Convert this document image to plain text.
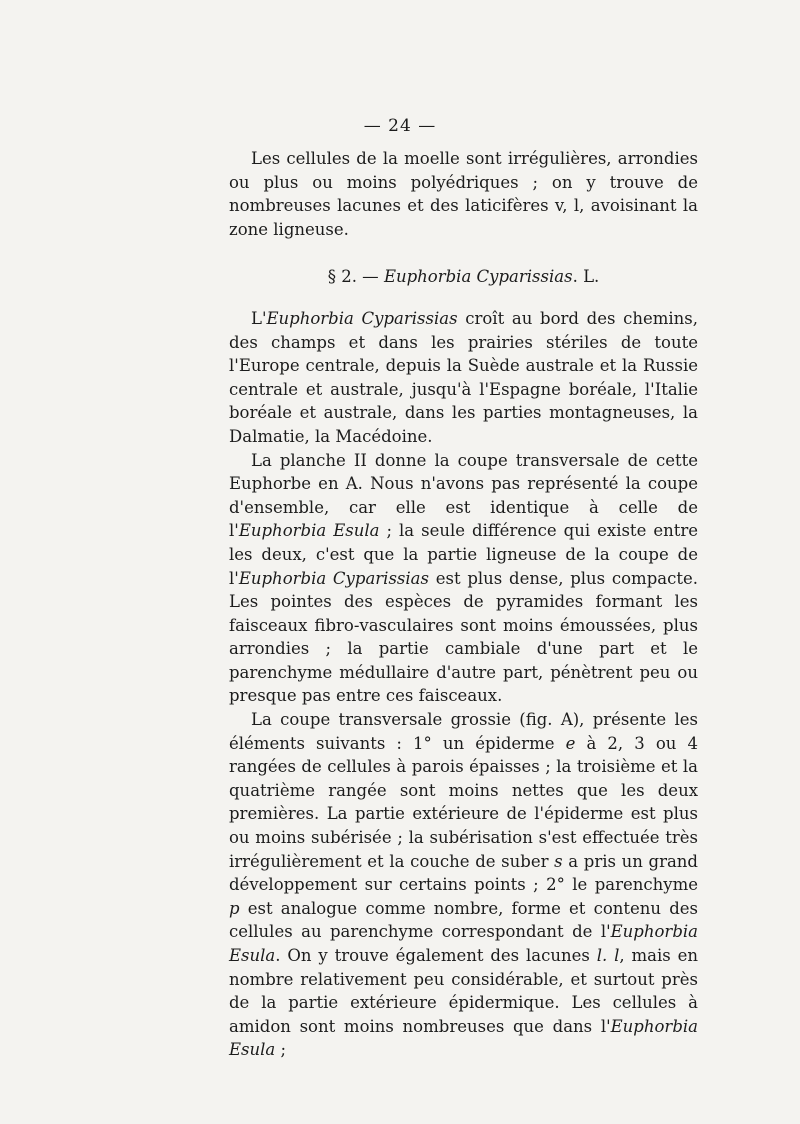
— 24 —

Les cellules de la moelle sont irrégulières, arrondies ou plus ou moins polyédriques ; on y trouve de nombreuses lacunes et des laticifères v, l, avoisinant la zone ligneuse.

§ 2. — Euphorbia Cyparissias. L.

L'Euphorbia Cyparissias croît au bord des chemins, des champs et dans les prairies stériles de toute l'Europe centrale, depuis la Suède australe et la Russie centrale et australe, jusqu'à l'Espagne boréale, l'Italie boréale et australe, dans les parties montagneuses, la Dalmatie, la Macédoine.

La planche II donne la coupe transversale de cette Euphorbe en A. Nous n'avons pas représenté la coupe d'ensemble, car elle est identique à celle de l'Euphorbia Esula ; la seule différence qui existe entre les deux, c'est que la partie ligneuse de la coupe de l'Euphorbia Cyparissias est plus dense, plus compacte. Les pointes des espèces de pyramides formant les faisceaux fibro-vasculaires sont moins émoussées, plus arrondies ; la partie cambiale d'une part et le parenchyme médullaire d'autre part, pénètrent peu ou presque pas entre ces faisceaux.

La coupe transversale grossie (fig. A), présente les éléments suivants : 1° un épiderme e à 2, 3 ou 4 rangées de cellules à parois épaisses ; la troisième et la quatrième rangée sont moins nettes que les deux premières. La partie extérieure de l'épiderme est plus ou moins subérisée ; la subérisation s'est effectuée très irrégulièrement et la couche de suber s a pris un grand développement sur certains points ; 2° le parenchyme p est analogue comme nombre, forme et contenu des cellules au parenchyme correspondant de l'Euphorbia Esula. On y trouve également des lacunes l. l, mais en nombre relativement peu considérable, et surtout près de la partie extérieure épidermique. Les cellules à amidon sont moins nombreuses que dans l'Euphorbia Esula ;
